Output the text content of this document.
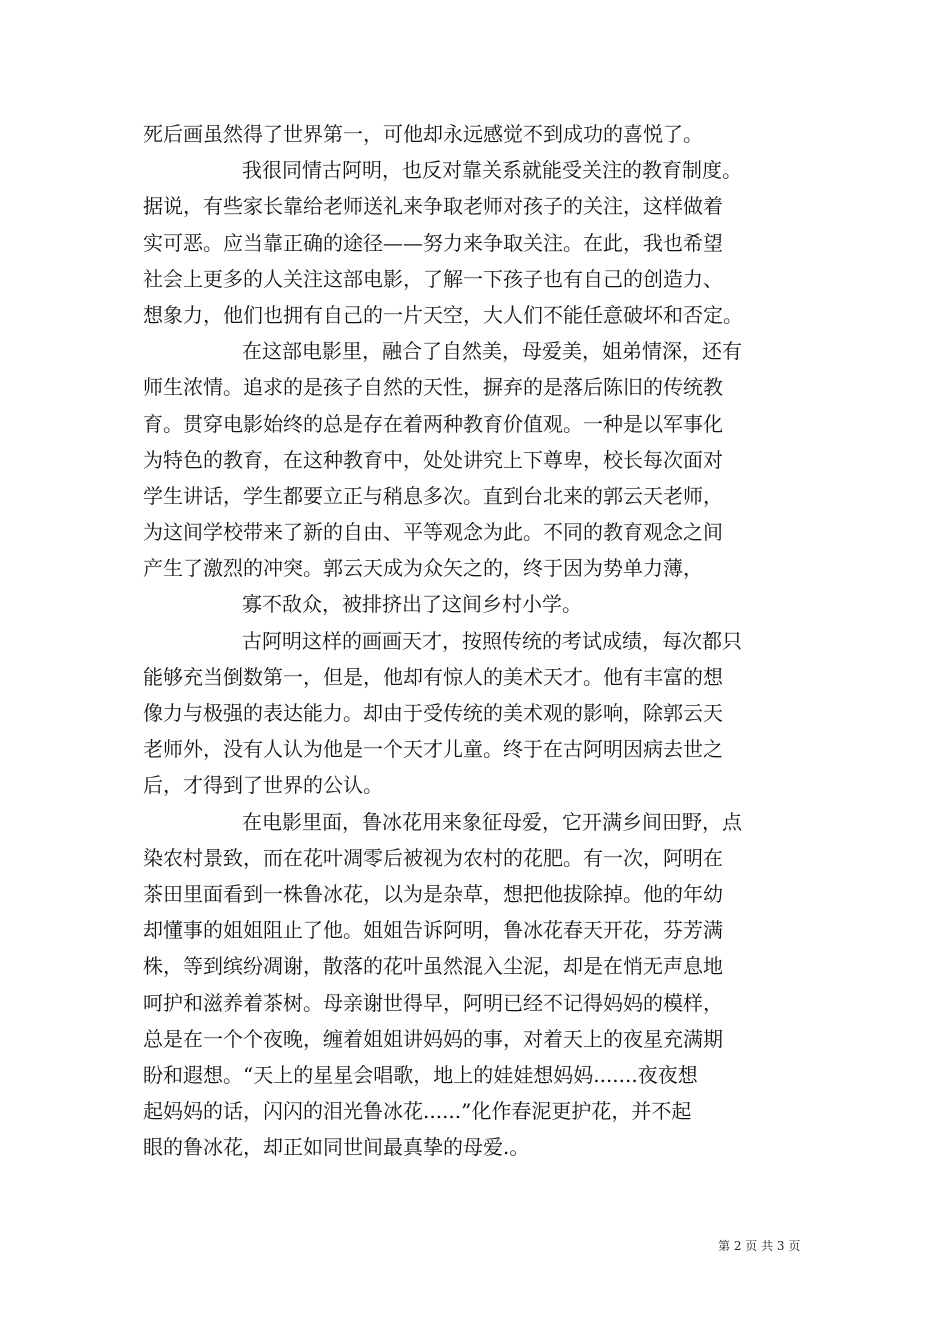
死后画虽然得了世界第一，可他却永远感觉不到成功的喜悦了。
我很同情古阿明，也反对靠关系就能受关注的教育制度。
据说，有些家长靠给老师送礼来争取老师对孩子的关注，这样做着
实可恶。应当靠正确的途径——努力来争取关注。在此，我也希望
社会上更多的人关注这部电影，了解一下孩子也有自己的创造力、
想象力，他们也拥有自己的一片天空，大人们不能任意破坏和否定。
在这部电影里，融合了自然美，母爱美，姐弟情深，还有
师生浓情。追求的是孩子自然的天性，摒弃的是落后陈旧的传统教
育。贯穿电影始终的总是存在着两种教育价值观。一种是以军事化
为特色的教育，在这种教育中，处处讲究上下尊卑，校长每次面对
学生讲话，学生都要立正与稍息多次。直到台北来的郭云天老师，
为这间学校带来了新的自由、平等观念为此。不同的教育观念之间
产生了激烈的冲突。郭云天成为众矢之的，终于因为势单力薄，
寡不敌众，被排挤出了这间乡村小学。
古阿明这样的画画天才，按照传统的考试成绩，每次都只
能够充当倒数第一，但是，他却有惊人的美术天才。他有丰富的想
像力与极强的表达能力。却由于受传统的美术观的影响，除郭云天
老师外，没有人认为他是一个天才儿童。终于在古阿明因病去世之
后，才得到了世界的公认。
在电影里面，鲁冰花用来象征母爱，它开满乡间田野，点
染农村景致，而在花叶凋零后被视为农村的花肥。有一次，阿明在
茶田里面看到一株鲁冰花，以为是杂草，想把他拔除掉。他的年幼
却懂事的姐姐阻止了他。姐姐告诉阿明，鲁冰花春天开花，芬芳满
株，等到缤纷凋谢，散落的花叶虽然混入尘泥，却是在悄无声息地
呵护和滋养着茶树。母亲谢世得早，阿明已经不记得妈妈的模样，
总是在一个个夜晚，缠着姐姐讲妈妈的事，对着天上的夜星充满期
盼和遐想。“天上的星星会唱歌，地上的娃娃想妈妈.......夜夜想
起妈妈的话，闪闪的泪光鲁冰花......”化作春泥更护花，并不起
眼的鲁冰花，却正如同世间最真挚的母爱.。
第 2 页 共 3 页
